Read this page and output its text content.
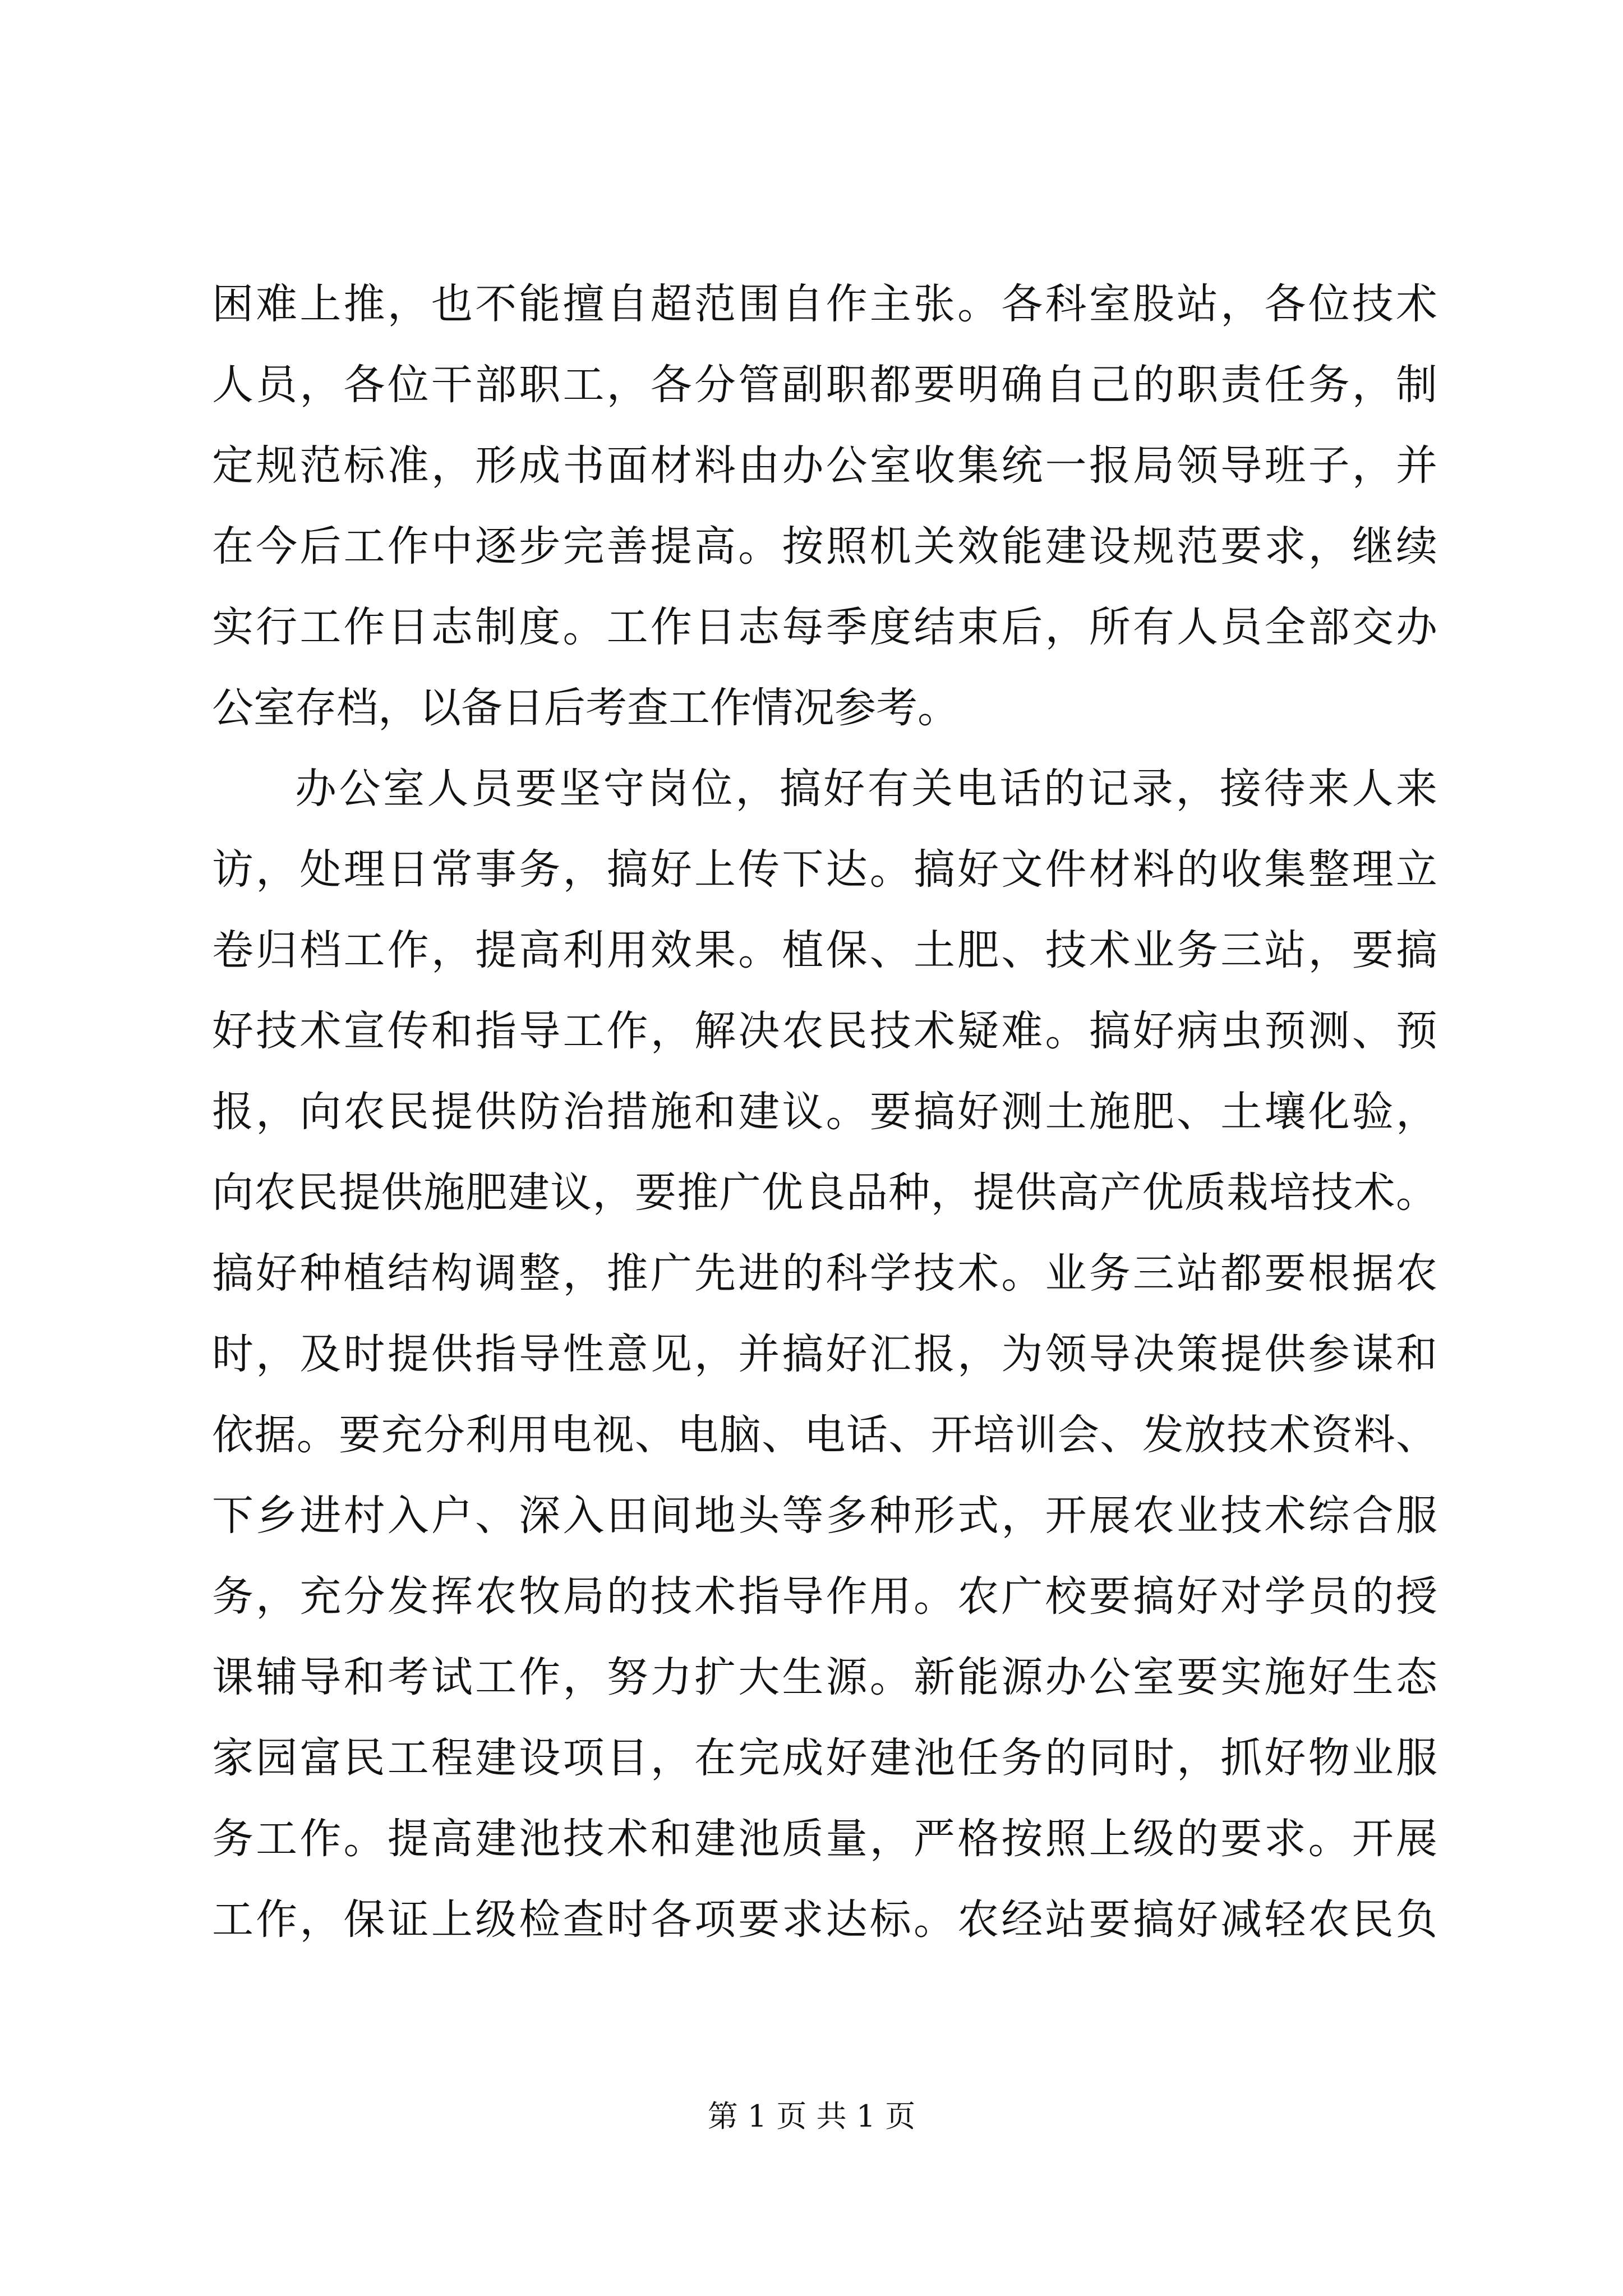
困难上推，也不能擅自超范围自作主张。各科室股站，各位技术
人员，各位干部职工，各分管副职都要明确自己的职责任务，制
定规范标准，形成书面材料由办公室收集统一报局领导班子，并
在今后工作中逐步完善提高。按照机关效能建设规范要求，继续
实行工作日志制度。工作日志每季度结束后，所有人员全部交办
公室存档，以备日后考查工作情况参考。
办公室人员要坚守岗位，搞好有关电话的记录，接待来人来
访，处理日常事务，搞好上传下达。搞好文件材料的收集整理立
卷归档工作，提高利用效果。植保、土肥、技术业务三站，要搞
好技术宣传和指导工作，解决农民技术疑难。搞好病虫预测、预
报，向农民提供防治措施和建议。要搞好测土施肥、土壤化验，
向农民提供施肥建议，要推广优良品种，提供高产优质栽培技术。
搞好种植结构调整，推广先进的科学技术。业务三站都要根据农
时，及时提供指导性意见，并搞好汇报，为领导决策提供参谋和
依据。要充分利用电视、电脑、电话、开培训会、发放技术资料、
下乡进村入户、深入田间地头等多种形式，开展农业技术综合服
务，充分发挥农牧局的技术指导作用。农广校要搞好对学员的授
课辅导和考试工作，努力扩大生源。新能源办公室要实施好生态
家园富民工程建设项目，在完成好建池任务的同时，抓好物业服
务工作。提高建池技术和建池质量，严格按照上级的要求。开展
工作，保证上级检查时各项要求达标。农经站要搞好减轻农民负
第 1 页 共 1 页
